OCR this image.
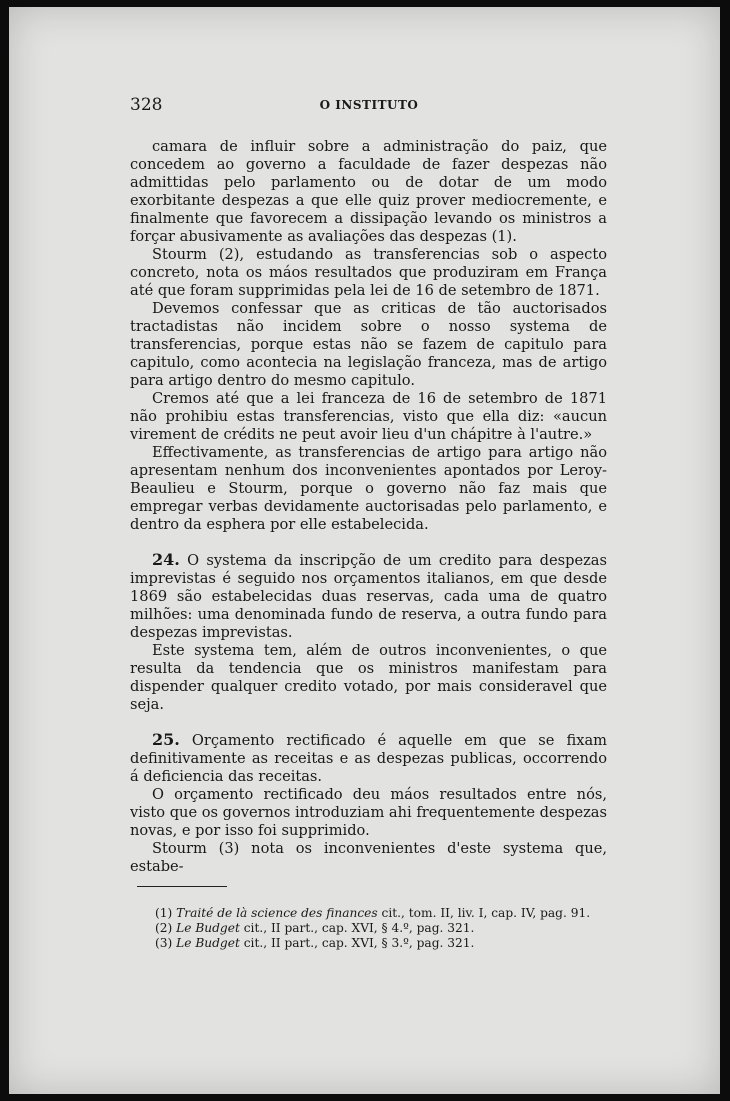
328	O INSTITUTO

camara de influir sobre a administração do paiz, que concedem ao governo a faculdade de fazer despezas não admittidas pelo parlamento ou de dotar de um modo exorbitante despezas a que elle quiz prover mediocremente, e finalmente que favorecem a dissipação levando os ministros a forçar abusivamente as avaliações das despezas (1).

Stourm (2), estudando as transferencias sob o aspecto concreto, nota os máos resultados que produziram em França até que foram supprimidas pela lei de 16 de setembro de 1871.

Devemos confessar que as criticas de tão auctorisados tractadistas não incidem sobre o nosso systema de transferencias, porque estas não se fazem de capitulo para capitulo, como acontecia na legislação franceza, mas de artigo para artigo dentro do mesmo capitulo.

Cremos até que a lei franceza de 16 de setembro de 1871 não prohibiu estas transferencias, visto que ella diz: «aucun virement de crédits ne peut avoir lieu d'un chápitre à l'autre.»

Effectivamente, as transferencias de artigo para artigo não apresentam nenhum dos inconvenientes apontados por Leroy-Beaulieu e Stourm, porque o governo não faz mais que empregar verbas devidamente auctorisadas pelo parlamento, e dentro da esphera por elle estabelecida.

24. O systema da inscripção de um credito para despezas imprevistas é seguido nos orçamentos italianos, em que desde 1869 são estabelecidas duas reservas, cada uma de quatro milhões: uma denominada fundo de reserva, a outra fundo para despezas imprevistas.

Este systema tem, além de outros inconvenientes, o que resulta da tendencia que os ministros manifestam para dispender qualquer credito votado, por mais consideravel que seja.

25. Orçamento rectificado é aquelle em que se fixam definitivamente as receitas e as despezas publicas, occorrendo á deficiencia das receitas.

O orçamento rectificado deu máos resultados entre nós, visto que os governos introduziam ahi frequentemente despezas novas, e por isso foi supprimido.

Stourm (3) nota os inconvenientes d'este systema que, estabe-

(1) Traité de là science des finances cit., tom. II, liv. I, cap. IV, pag. 91.
(2) Le Budget cit., II part., cap. XVI, § 4.º, pag. 321.
(3) Le Budget cit., II part., cap. XVI, § 3.º, pag. 321.
